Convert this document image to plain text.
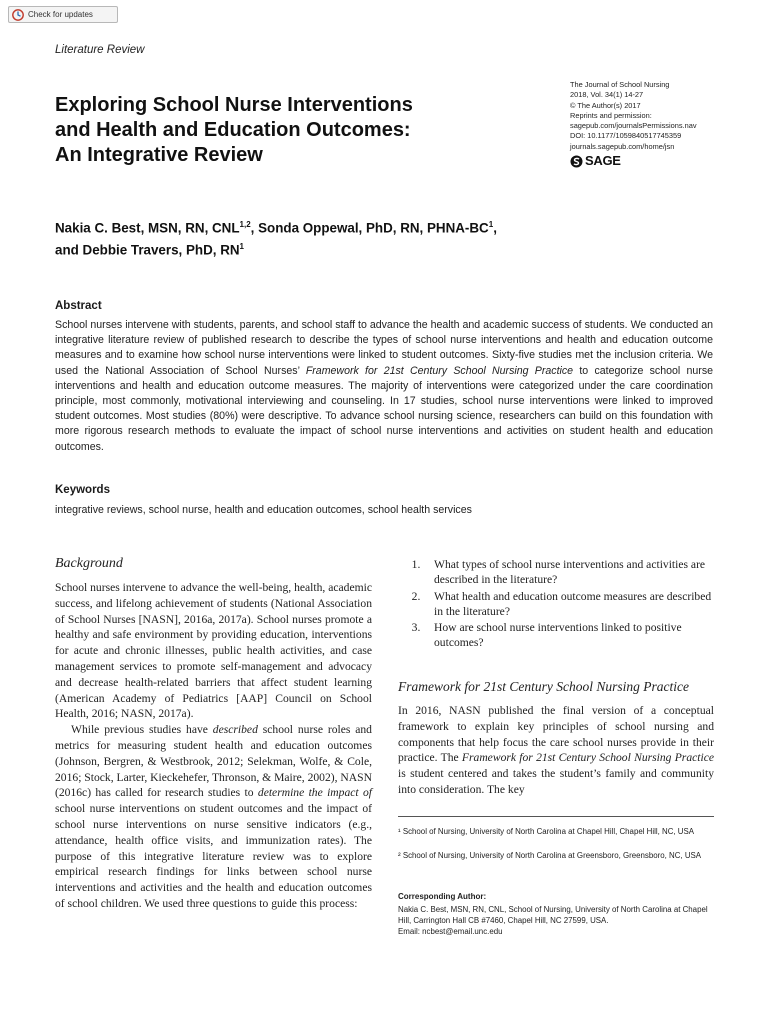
Check for updates
Literature Review
Exploring School Nurse Interventions
and Health and Education Outcomes:
An Integrative Review
The Journal of School Nursing
2018, Vol. 34(1) 14-27
© The Author(s) 2017
Reprints and permission:
sagepub.com/journalsPermissions.nav
DOI: 10.1177/1059840517745359
journals.sagepub.com/home/jsn
SAGE
Nakia C. Best, MSN, RN, CNL$^{1,2}$, Sonda Oppewal, PhD, RN, PHNA-$BC^1$,
and Debbie Travers, PhD, $RN^1$
Abstract
School nurses intervene with students, parents, and school staff to advance the health and academic success of students. We conducted an integrative literature review of published research to describe the types of school nurse interventions and health and education outcome measures and to examine how school nurse interventions were linked to student outcomes. Sixty-five studies met the inclusion criteria. We used the National Association of School Nurses’ Framework for 21st Century School Nursing Practice to categorize school nurse interventions and health and education outcome measures. The majority of interventions were categorized under the care coordination principle, most commonly, motivational interviewing and counseling. In 17 studies, school nurse interventions were linked to improved student outcomes. Most studies (80%) were descriptive. To advance school nursing science, researchers can build on this foundation with more rigorous research methods to evaluate the impact of school nurse interventions and activities on student health and education outcomes.
Keywords
integrative reviews, school nurse, health and education outcomes, school health services
Background

School nurses intervene to advance the well-being, health, academic success, and lifelong achievement of students (National Association of School Nurses [NASN], 2016a, 2017a). School nurses promote a healthy and safe environment by providing education, interventions for acute and chronic illnesses, public health activities, and case management services to promote self-management and advocacy and decrease health-related barriers that affect student learning (American Academy of Pediatrics [AAP] Council on School Health, 2016; NASN, 2017a).

While previous studies have described school nurse roles and metrics for measuring student health and education outcomes (Johnson, Bergren, & Westbrook, 2012; Selekman, Wolfe, & Cole, 2016; Stock, Larter, Kieckehefer, Thronson, & Maire, 2002), NASN (2016c) has called for research studies to determine the impact of school nurse interventions on student outcomes and the impact of school nurse interventions on nurse sensitive indicators (e.g., attendance, health office visits, and immunization rates). The purpose of this integrative literature review was to explore empirical research findings for links between school nurse interventions and activities and the health and education outcomes of school children. We used three questions to guide this process:

1.	What types of school nurse interventions and activities are described in the literature?
2.	What health and education outcome measures are described in the literature?
3.	How are school nurse interventions linked to positive outcomes?
Framework for 21st Century School Nursing Practice
In 2016, NASN published the final version of a conceptual framework to explain key principles of school nursing and components that help focus the care school nurses provide in their practice. The Framework for 21st Century School Nursing Practice is student centered and takes the student’s family and community into consideration. The key
¹ School of Nursing, University of North Carolina at Chapel Hill, Chapel Hill, NC, USA
² School of Nursing, University of North Carolina at Greensboro, Greensboro, NC, USA
Corresponding Author:
Nakia C. Best, MSN, RN, CNL, School of Nursing, University of North Carolina at Chapel Hill, Carrington Hall CB #7460, Chapel Hill, NC 27599, USA.
Email: ncbest@email.unc.edu
